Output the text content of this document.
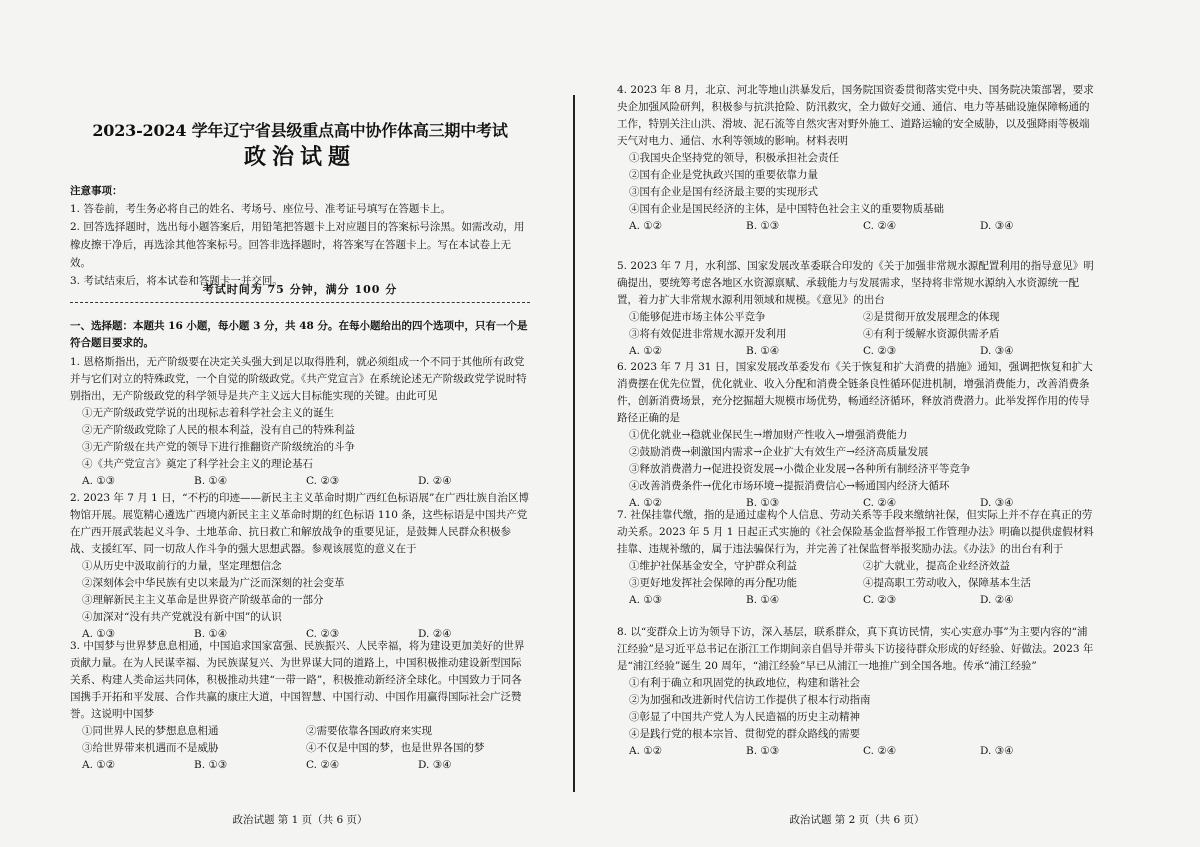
2023-2024 学年辽宁省县级重点高中协作体高三期中考试
政治试题
注意事项：
1. 答卷前，考生务必将自己的姓名、考场号、座位号、准考证号填写在答题卡上。
2. 回答选择题时，选出每小题答案后，用铅笔把答题卡上对应题目的答案标号涂黑。如需改动，用橡皮擦干净后，再选涂其他答案标号。回答非选择题时，将答案写在答题卡上。写在本试卷上无效。
3. 考试结束后，将本试卷和答题卡一并交回。
考试时间为 75 分钟，满分 100 分

一、选择题：本题共 16 小题，每小题 3 分，共 48 分。在每小题给出的四个选项中，只有一个是符合题目要求的。

1. 恩格斯指出，无产阶级要在决定关头强大到足以取得胜利，就必须组成一个不同于其他所有政党并与它们对立的特殊政党，一个自觉的阶级政党。《共产党宣言》在系统论述无产阶级政党学说时特别指出，无产阶级政党的科学领导是共产主义远大目标能实现的关键。由此可见

①无产阶级政党学说的出现标志着科学社会主义的诞生

②无产阶级政党除了人民的根本利益，没有自己的特殊利益

③无产阶级在共产党的领导下进行推翻资产阶级统治的斗争

④《共产党宣言》奠定了科学社会主义的理论基石

A. ①③	B. ①④	C. ②③	D. ②④

2. 2023 年 7 月 1 日，“不朽的印迹——新民主主义革命时期广西红色标语展”在广西壮族自治区博物馆开展。展览精心遴选广西境内新民主主义革命时期的红色标语 110 条，这些标语是中国共产党在广西开展武装起义斗争、土地革命、抗日救亡和解放战争的重要见证，是鼓舞人民群众积极参战、支援红军、同一切敌人作斗争的强大思想武器。参观该展览的意义在于

①从历史中汲取前行的力量，坚定理想信念

②深刻体会中华民族有史以来最为广泛而深刻的社会变革

③理解新民主主义革命是世界资产阶级革命的一部分

④加深对“没有共产党就没有新中国”的认识

A. ①③	B. ①④	C. ②③	D. ②④

3. 中国梦与世界梦息息相通，中国追求国家富强、民族振兴、人民幸福，将为建设更加美好的世界贡献力量。在为人民谋幸福、为民族谋复兴、为世界谋大同的道路上，中国积极推动建设新型国际关系、构建人类命运共同体，积极推动共建“一带一路”，积极推动新经济全球化。中国致力于同各国携手开拓和平发展、合作共赢的康庄大道，中国智慧、中国行动、中国作用赢得国际社会广泛赞誉。这说明中国梦

①同世界人民的梦想息息相通	②需要依靠各国政府来实现
③给世界带来机遇而不是威胁	④不仅是中国的梦，也是世界各国的梦
A. ①②	B. ①③	C. ②④	D. ③④
政治试题 第 1 页（共 6 页）

4. 2023 年 8 月，北京、河北等地山洪暴发后，国务院国资委贯彻落实党中央、国务院决策部署，要求央企加强风险研判，积极参与抗洪抢险、防汛救灾，全力做好交通、通信、电力等基础设施保障畅通的工作，特别关注山洪、滑坡、泥石流等自然灾害对野外施工、道路运输的安全威胁，以及强降雨等极端天气对电力、通信、水利等领域的影响。材料表明

①我国央企坚持党的领导，积极承担社会责任

②国有企业是党执政兴国的重要依靠力量

③国有企业是国有经济最主要的实现形式

④国有企业是国民经济的主体，是中国特色社会主义的重要物质基础

A. ①②	B. ①③	C. ②④	D. ③④

5. 2023 年 7 月，水利部、国家发展改革委联合印发的《关于加强非常规水源配置利用的指导意见》明确提出，要统筹考虑各地区水资源禀赋、承载能力与发展需求，坚持将非常规水源纳入水资源统一配置，着力扩大非常规水源利用领域和规模。《意见》的出台

①能够促进市场主体公平竞争	②是贯彻开放发展理念的体现
③将有效促进非常规水源开发利用	④有利于缓解水资源供需矛盾
A. ①②	B. ①④	C. ②③	D. ③④

6. 2023 年 7 月 31 日，国家发展改革委发布《关于恢复和扩大消费的措施》通知，强调把恢复和扩大消费摆在优先位置，优化就业、收入分配和消费全链条良性循环促进机制，增强消费能力，改善消费条件，创新消费场景，充分挖掘超大规模市场优势，畅通经济循环，释放消费潜力。此举发挥作用的传导路径正确的是

①优化就业→稳就业保民生→增加财产性收入→增强消费能力

②鼓励消费→刺激国内需求→企业扩大有效生产→经济高质量发展

③释放消费潜力→促进投资发展→小微企业发展→各种所有制经济平等竞争

④改善消费条件→优化市场环境→提振消费信心→畅通国内经济大循环

A. ①②	B. ①③	C. ②④	D. ③④

7. 社保挂靠代缴，指的是通过虚构个人信息、劳动关系等手段来缴纳社保，但实际上并不存在真正的劳动关系。2023 年 5 月 1 日起正式实施的《社会保险基金监督举报工作管理办法》明确以提供虚假材料挂靠、违规补缴的，属于违法骗保行为，并完善了社保监督举报奖励办法。《办法》的出台有利于

①维护社保基金安全，守护群众利益	②扩大就业，提高企业经济效益
③更好地发挥社会保障的再分配功能	④提高职工劳动收入，保障基本生活
A. ①③	B. ①④	C. ②③	D. ②④

8. 以“变群众上访为领导下访，深入基层，联系群众，真下真访民情，实心实意办事”为主要内容的“浦江经验”是习近平总书记在浙江工作期间亲自倡导并带头下访接待群众形成的好经验、好做法。2023 年是“浦江经验”诞生 20 周年，“浦江经验”早已从浦江一地推广到全国各地。传承“浦江经验”

①有利于确立和巩固党的执政地位，构建和谐社会

②为加强和改进新时代信访工作提供了根本行动指南

③彰显了中国共产党人为人民造福的历史主动精神

④是践行党的根本宗旨、贯彻党的群众路线的需要

A. ①②	B. ①③	C. ②④	D. ③④
政治试题 第 2 页（共 6 页）
